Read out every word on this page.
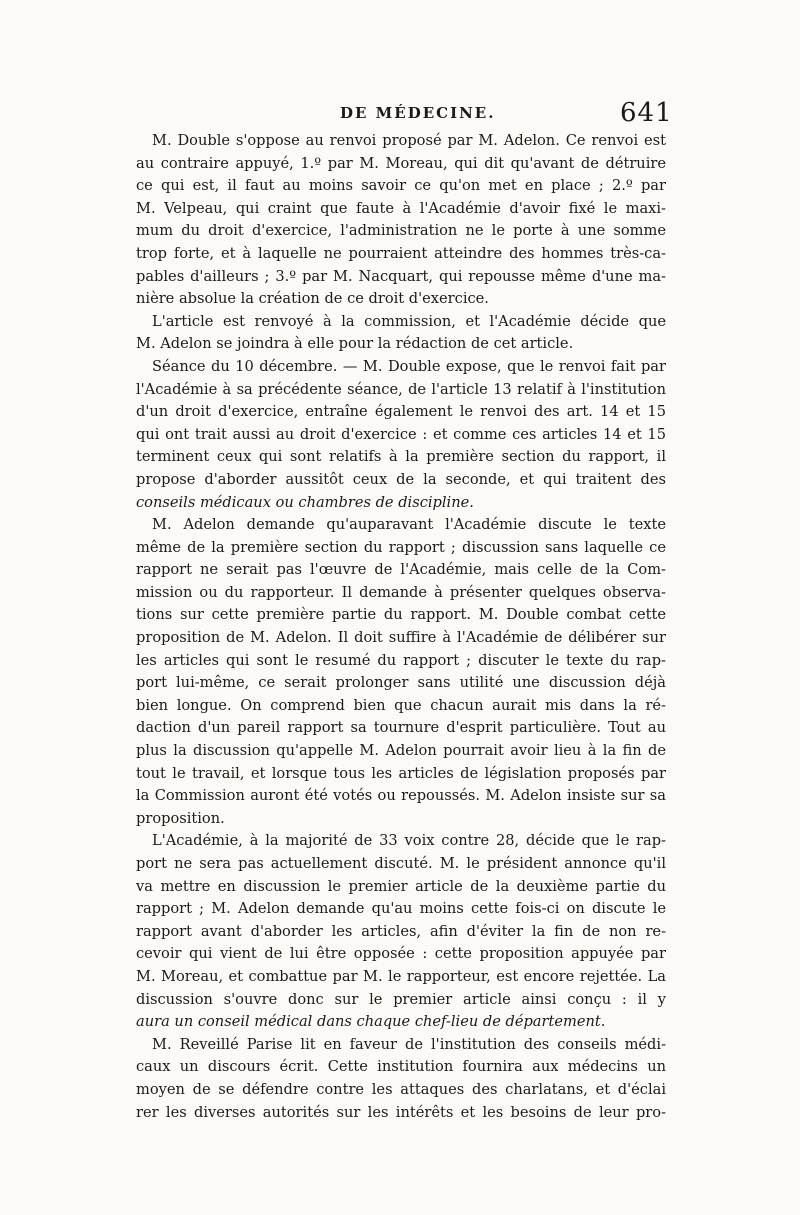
DE MÉDECINE.	641
M. Double s'oppose au renvoi proposé par M. Adelon. Ce renvoi est
au contraire appuyé, 1.º par M. Moreau, qui dit qu'avant de détruire
ce qui est, il faut au moins savoir ce qu'on met en place ; 2.º par
M. Velpeau, qui craint que faute à l'Académie d'avoir fixé le maxi-
mum du droit d'exercice, l'administration ne le porte à une somme
trop forte, et à laquelle ne pourraient atteindre des hommes très-ca-
pables d'ailleurs ; 3.º par M. Nacquart, qui repousse même d'une ma-
nière absolue la création de ce droit d'exercice.
L'article est renvoyé à la commission, et l'Académie décide que
M. Adelon se joindra à elle pour la rédaction de cet article.
Séance du 10 décembre. — M. Double expose, que le renvoi fait par
l'Académie à sa précédente séance, de l'article 13 relatif à l'institution
d'un droit d'exercice, entraîne également le renvoi des art. 14 et 15
qui ont trait aussi au droit d'exercice : et comme ces articles 14 et 15
terminent ceux qui sont relatifs à la première section du rapport, il
propose d'aborder aussitôt ceux de la seconde, et qui traitent des
conseils médicaux ou chambres de discipline.
M. Adelon demande qu'auparavant l'Académie discute le texte
même de la première section du rapport ; discussion sans laquelle ce
rapport ne serait pas l'œuvre de l'Académie, mais celle de la Com-
mission ou du rapporteur. Il demande à présenter quelques observa-
tions sur cette première partie du rapport. M. Double combat cette
proposition de M. Adelon. Il doit suffire à l'Académie de délibérer sur
les articles qui sont le resumé du rapport ; discuter le texte du rap-
port lui-même, ce serait prolonger sans utilité une discussion déjà
bien longue. On comprend bien que chacun aurait mis dans la ré-
daction d'un pareil rapport sa tournure d'esprit particulière. Tout au
plus la discussion qu'appelle M. Adelon pourrait avoir lieu à la fin de
tout le travail, et lorsque tous les articles de législation proposés par
la Commission auront été votés ou repoussés. M. Adelon insiste sur sa
proposition.
L'Académie, à la majorité de 33 voix contre 28, décide que le rap-
port ne sera pas actuellement discuté. M. le président annonce qu'il
va mettre en discussion le premier article de la deuxième partie du
rapport ; M. Adelon demande qu'au moins cette fois-ci on discute le
rapport avant d'aborder les articles, afin d'éviter la fin de non re-
cevoir qui vient de lui être opposée : cette proposition appuyée par
M. Moreau, et combattue par M. le rapporteur, est encore rejettée. La
discussion s'ouvre donc sur le premier article ainsi conçu : il y
aura un conseil médical dans chaque chef-lieu de département.
M. Reveillé Parise lit en faveur de l'institution des conseils médi-
caux un discours écrit. Cette institution fournira aux médecins un
moyen de se défendre contre les attaques des charlatans, et d'éclai
rer les diverses autorités sur les intérêts et les besoins de leur pro-
